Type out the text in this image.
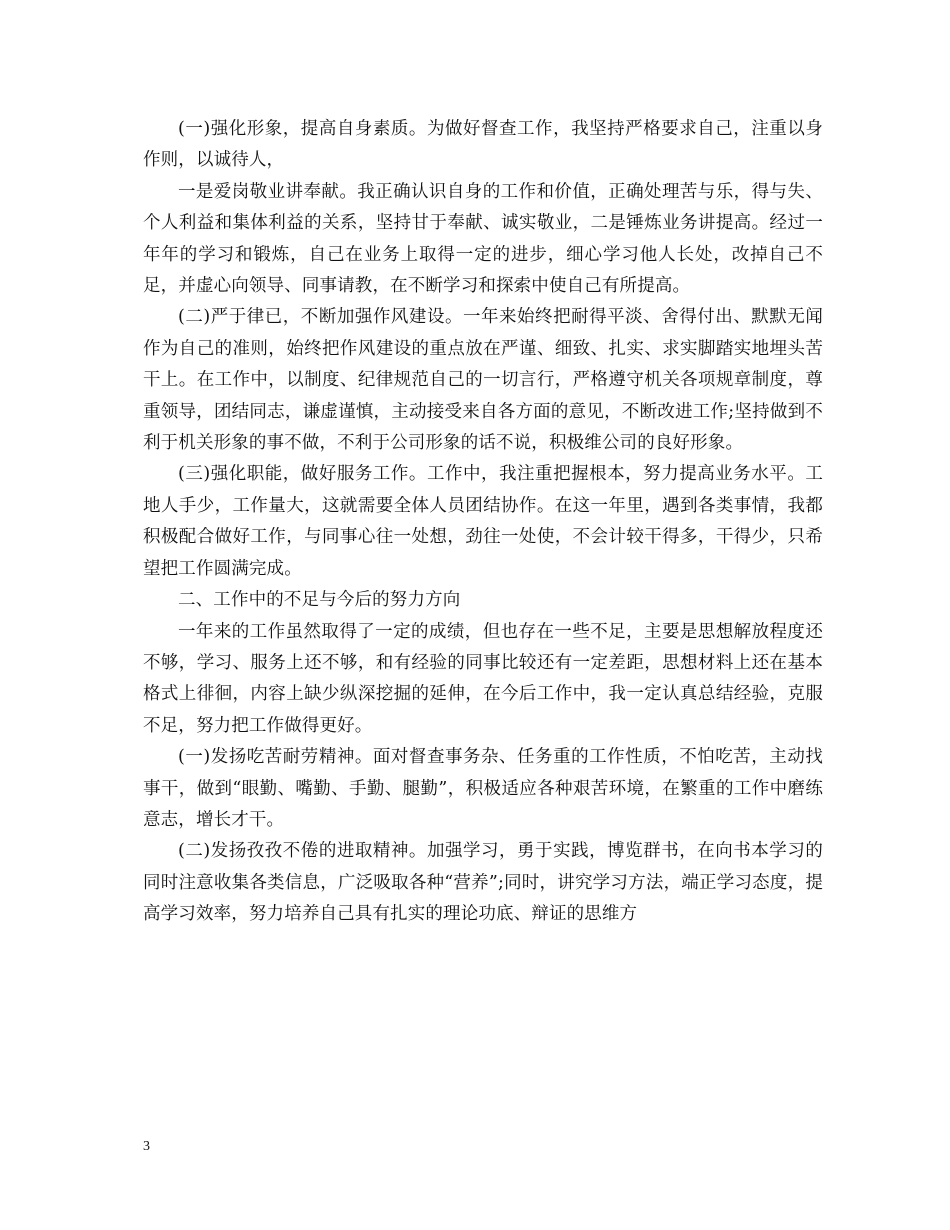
(一)强化形象，提高自身素质。为做好督查工作，我坚持严格要求自己，注重以身作则，以诚待人，

一是爱岗敬业讲奉献。我正确认识自身的工作和价值，正确处理苦与乐，得与失、个人利益和集体利益的关系，坚持甘于奉献、诚实敬业，二是锤炼业务讲提高。经过一年年的学习和锻炼，自己在业务上取得一定的进步，细心学习他人长处，改掉自己不足，并虚心向领导、同事请教，在不断学习和探索中使自己有所提高。

(二)严于律已，不断加强作风建设。一年来始终把耐得平淡、舍得付出、默默无闻作为自己的准则，始终把作风建设的重点放在严谨、细致、扎实、求实脚踏实地埋头苦干上。在工作中，以制度、纪律规范自己的一切言行，严格遵守机关各项规章制度，尊重领导，团结同志，谦虚谨慎，主动接受来自各方面的意见，不断改进工作;坚持做到不利于机关形象的事不做，不利于公司形象的话不说，积极维公司的良好形象。

(三)强化职能，做好服务工作。工作中，我注重把握根本，努力提高业务水平。工地人手少，工作量大，这就需要全体人员团结协作。在这一年里，遇到各类事情，我都积极配合做好工作，与同事心往一处想，劲往一处使，不会计较干得多，干得少，只希望把工作圆满完成。

二、工作中的不足与今后的努力方向

一年来的工作虽然取得了一定的成绩，但也存在一些不足，主要是思想解放程度还不够，学习、服务上还不够，和有经验的同事比较还有一定差距，思想材料上还在基本格式上徘徊，内容上缺少纵深挖掘的延伸，在今后工作中，我一定认真总结经验，克服不足，努力把工作做得更好。

(一)发扬吃苦耐劳精神。面对督查事务杂、任务重的工作性质，不怕吃苦，主动找事干，做到“眼勤、嘴勤、手勤、腿勤”，积极适应各种艰苦环境，在繁重的工作中磨练意志，增长才干。

(二)发扬孜孜不倦的进取精神。加强学习，勇于实践，博览群书，在向书本学习的同时注意收集各类信息，广泛吸取各种“营养”;同时，讲究学习方法，端正学习态度，提高学习效率，努力培养自己具有扎实的理论功底、辩证的思维方

3
